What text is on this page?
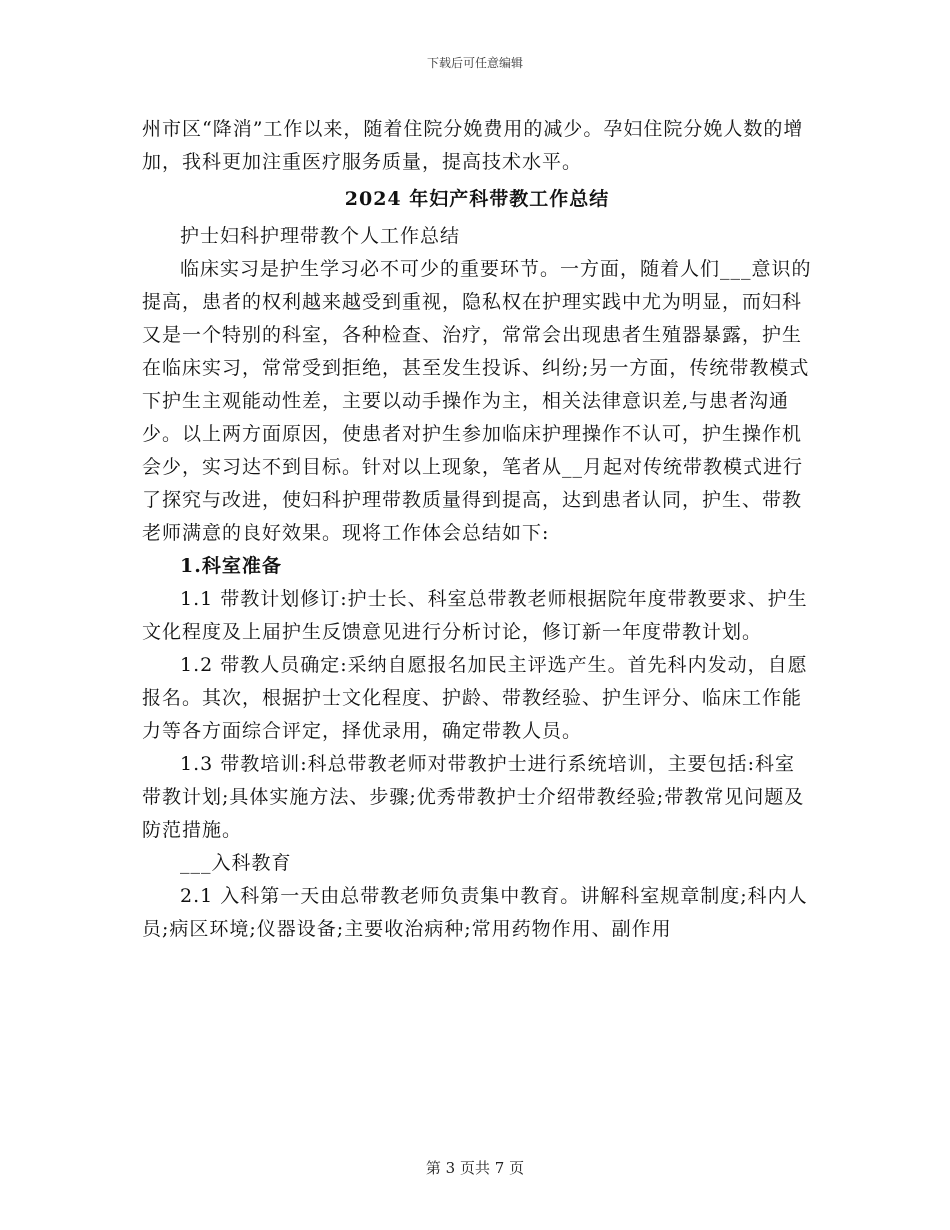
下载后可任意编辑

州市区“降消”工作以来，随着住院分娩费用的减少。孕妇住院分娩人数的增加，我科更加注重医疗服务质量，提高技术水平。

2024 年妇产科带教工作总结

护士妇科护理带教个人工作总结

临床实习是护生学习必不可少的重要环节。一方面，随着人们___意识的提高，患者的权利越来越受到重视，隐私权在护理实践中尤为明显，而妇科又是一个特别的科室，各种检查、治疗，常常会出现患者生殖器暴露，护生在临床实习，常常受到拒绝，甚至发生投诉、纠纷;另一方面，传统带教模式下护生主观能动性差，主要以动手操作为主，相关法律意识差,与患者沟通少。以上两方面原因，使患者对护生参加临床护理操作不认可，护生操作机会少，实习达不到目标。针对以上现象，笔者从__月起对传统带教模式进行了探究与改进，使妇科护理带教质量得到提高，达到患者认同，护生、带教老师满意的良好效果。现将工作体会总结如下:

1.科室准备

1.1 带教计划修订:护士长、科室总带教老师根据院年度带教要求、护生文化程度及上届护生反馈意见进行分析讨论，修订新一年度带教计划。

1.2 带教人员确定:采纳自愿报名加民主评选产生。首先科内发动，自愿报名。其次，根据护士文化程度、护龄、带教经验、护生评分、临床工作能力等各方面综合评定，择优录用，确定带教人员。

1.3 带教培训:科总带教老师对带教护士进行系统培训，主要包括:科室带教计划;具体实施方法、步骤;优秀带教护士介绍带教经验;带教常见问题及防范措施。

___入科教育

2.1 入科第一天由总带教老师负责集中教育。讲解科室规章制度;科内人员;病区环境;仪器设备;主要收治病种;常用药物作用、副作用

第 3 页共 7 页
